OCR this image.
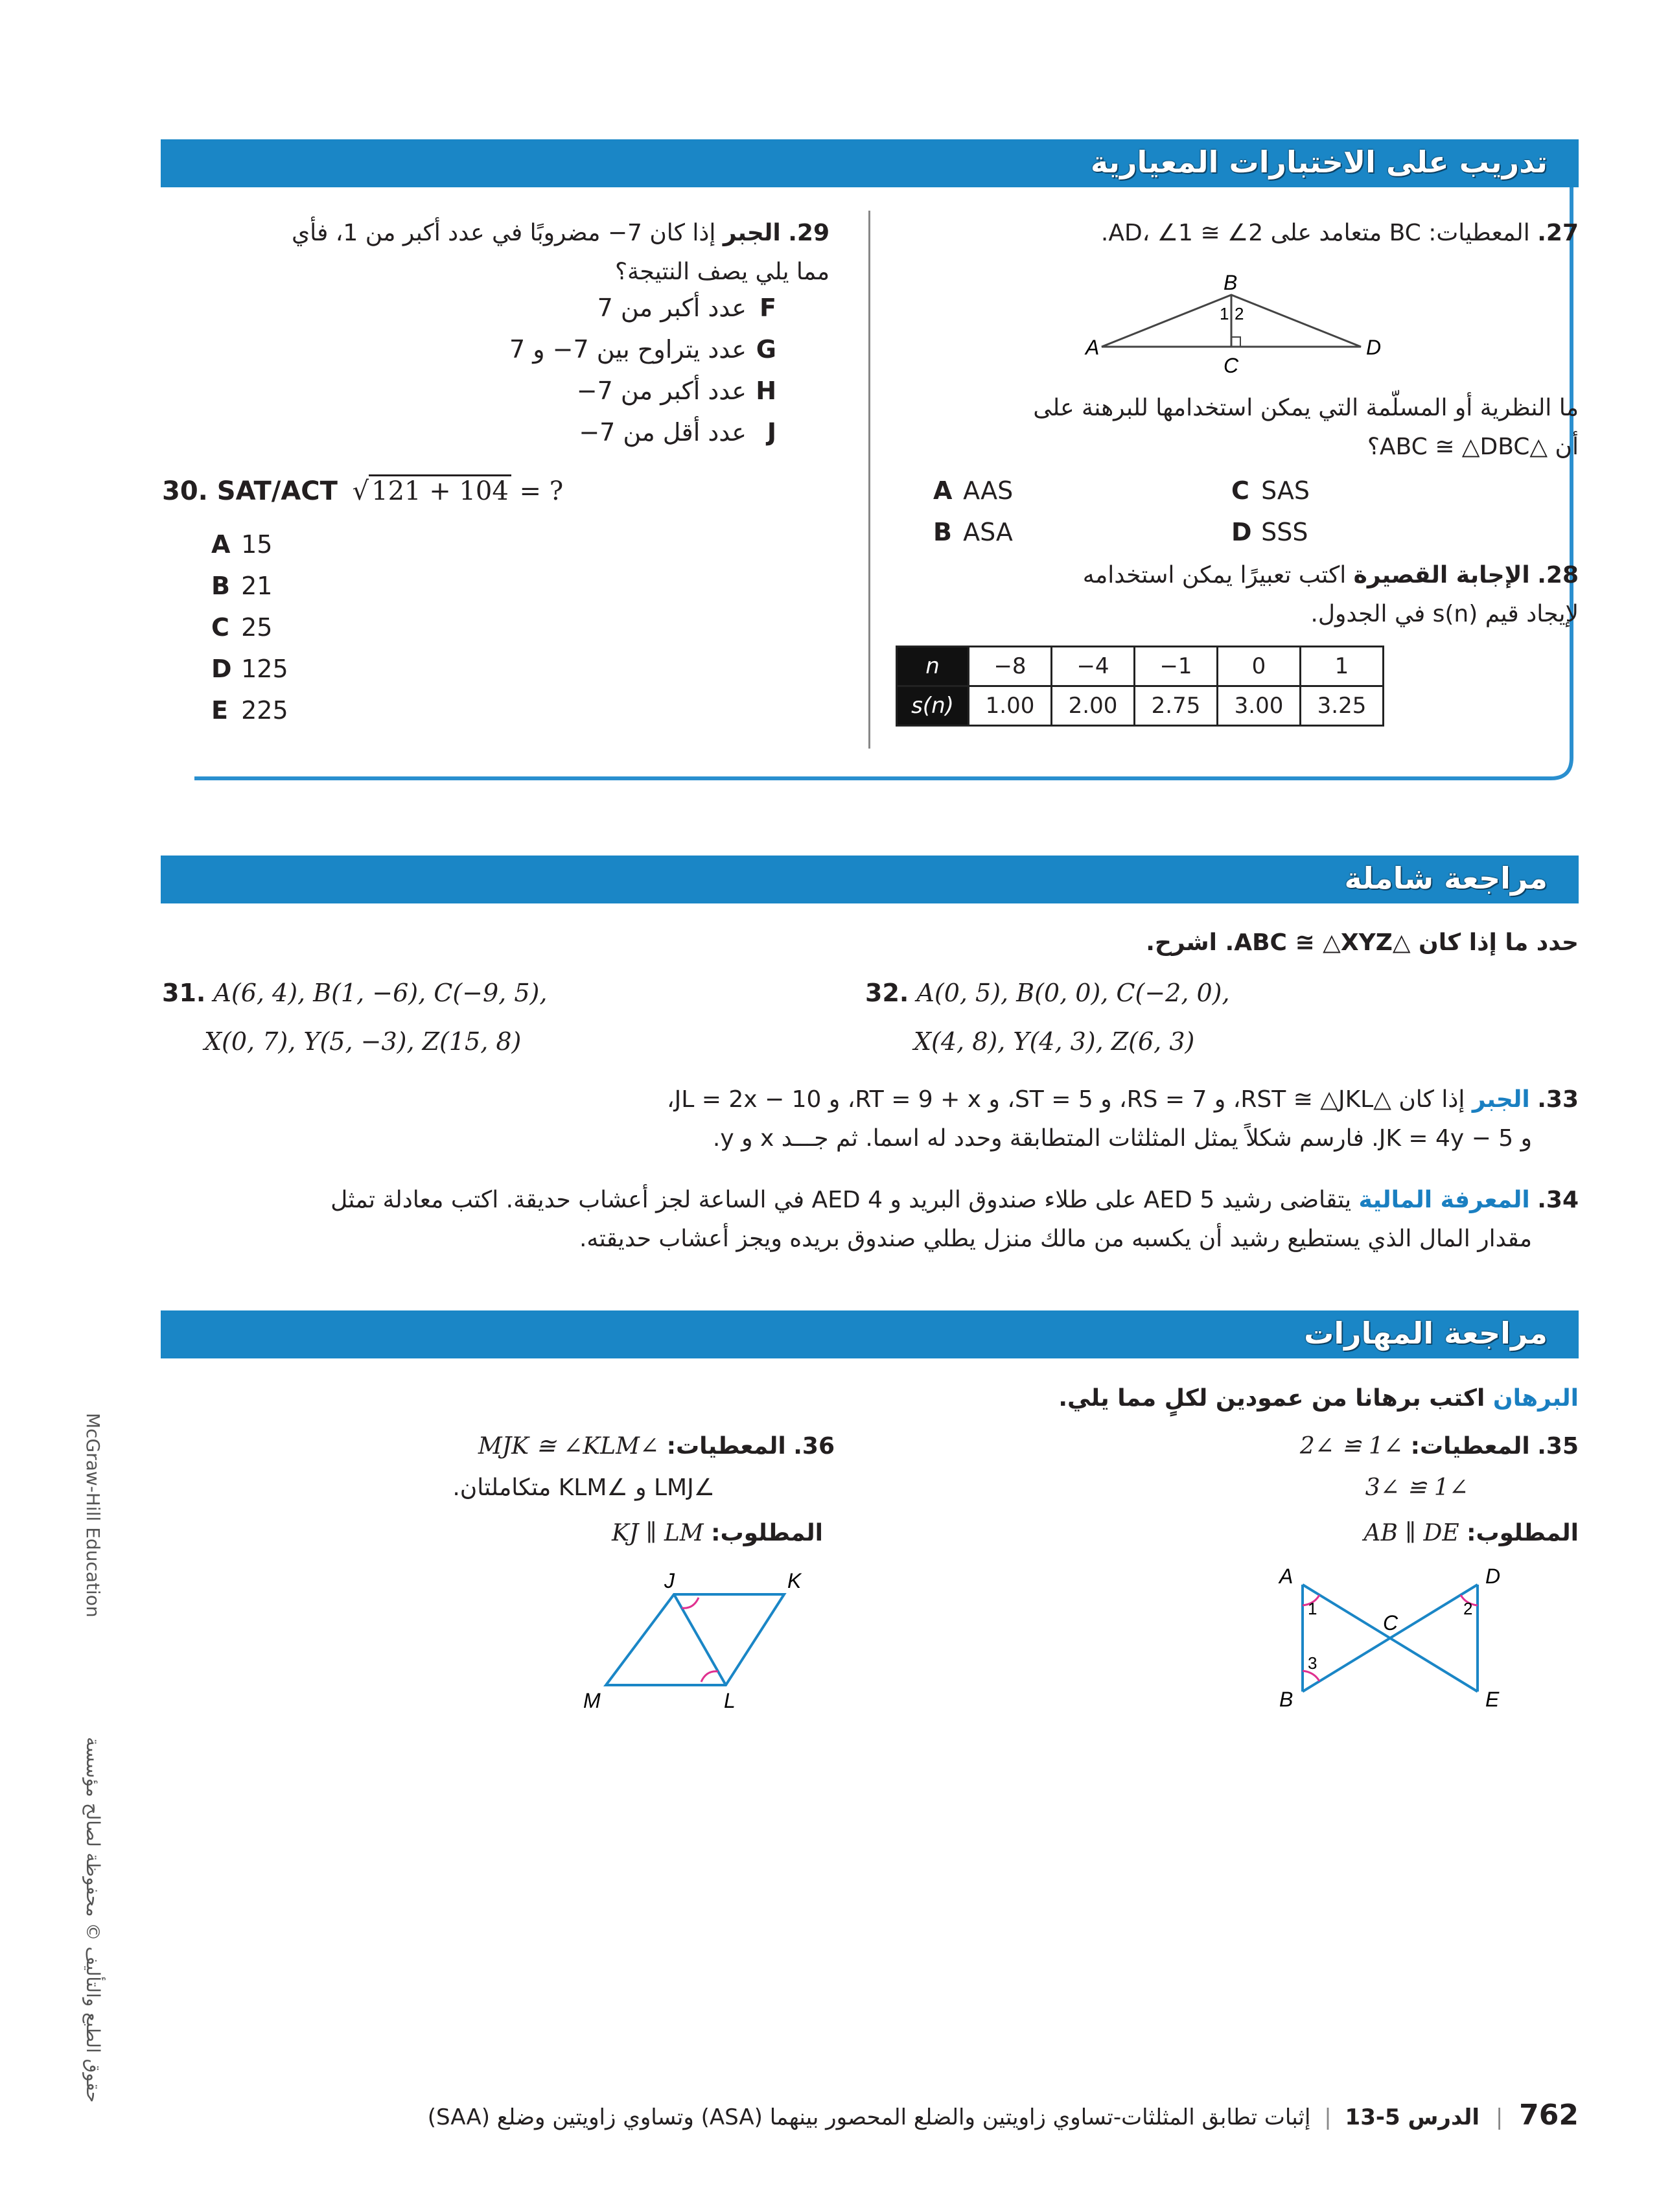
تدريب على الاختبارات المعيارية
27. المعطيات: BC متعامد على AD، ∠1 ≅ ∠2.
A
B
C
D
1 2
ما النظرية أو المسلّمة التي يمكن استخدامها للبرهنة على
أن △ABC ≅ △DBC؟
A AAS	C SAS
B ASA	D SSS
28. الإجابة القصيرة اكتب تعبيرًا يمكن استخدامه
لإيجاد قيم s(n) في الجدول.
n	−8	−4	−1	0	1
s(n)	1.00	2.00	2.75	3.00	3.25
29. الجبر إذا كان 7− مضروبًا في عدد أكبر من 1، فأي
مما يلي يصف النتيجة؟
F عدد أكبر من 7
G عدد يتراوح بين 7− و 7
H عدد أكبر من 7−
J عدد أقل من 7−
30. SAT/ACT √ 121 + 104 = ?
A 15
B 21
C 25
D 125
E 225
مراجعة شاملة
حدد ما إذا كان △ABC ≅ △XYZ. اشرح.
31. A(6, 4), B(1, −6), C(−9, 5),
X(0, 7), Y(5, −3), Z(15, 8)
32. A(0, 5), B(0, 0), C(−2, 0),
X(4, 8), Y(4, 3), Z(6, 3)
33. الجبر إذا كان △RST ≅ △JKL، و RS = 7، و ST = 5، و RT = 9 + x، و JL = 2x − 10،
و JK = 4y − 5. فارسم شكلاً يمثل المثلثات المتطابقة وحدد له اسما. ثم جـــد x و y.
34. المعرفة المالية يتقاضى رشيد 5 AED على طلاء صندوق البريد و 4 AED في الساعة لجز أعشاب حديقة. اكتب معادلة تمثل
مقدار المال الذي يستطيع رشيد أن يكسبه من مالك منزل يطلي صندوق بريده ويجز أعشاب حديقته.
مراجعة المهارات
البرهان اكتب برهانا من عمودين لكلٍ مما يلي.
35. المعطيات: ∠1 ≅ ∠2
∠1 ≅ ∠3
المطلوب: AB ∥ DE
A
B
C
D
E
1	2
3
36. المعطيات: ∠MJK ≅ ∠KLM
∠LMJ و ∠KLM متكاملتان.
المطلوب: KJ ∥ LM
J	K
L
M
McGraw-Hill Education
حقوق الطبع والتأليف © محفوظة لصالح مؤسسة
762 | الدرس 5-13 | إثبات تطابق المثلثات-تساوي زاويتين والضلع المحصور بينهما (ASA) وتساوي زاويتين وضلع (SAA)
